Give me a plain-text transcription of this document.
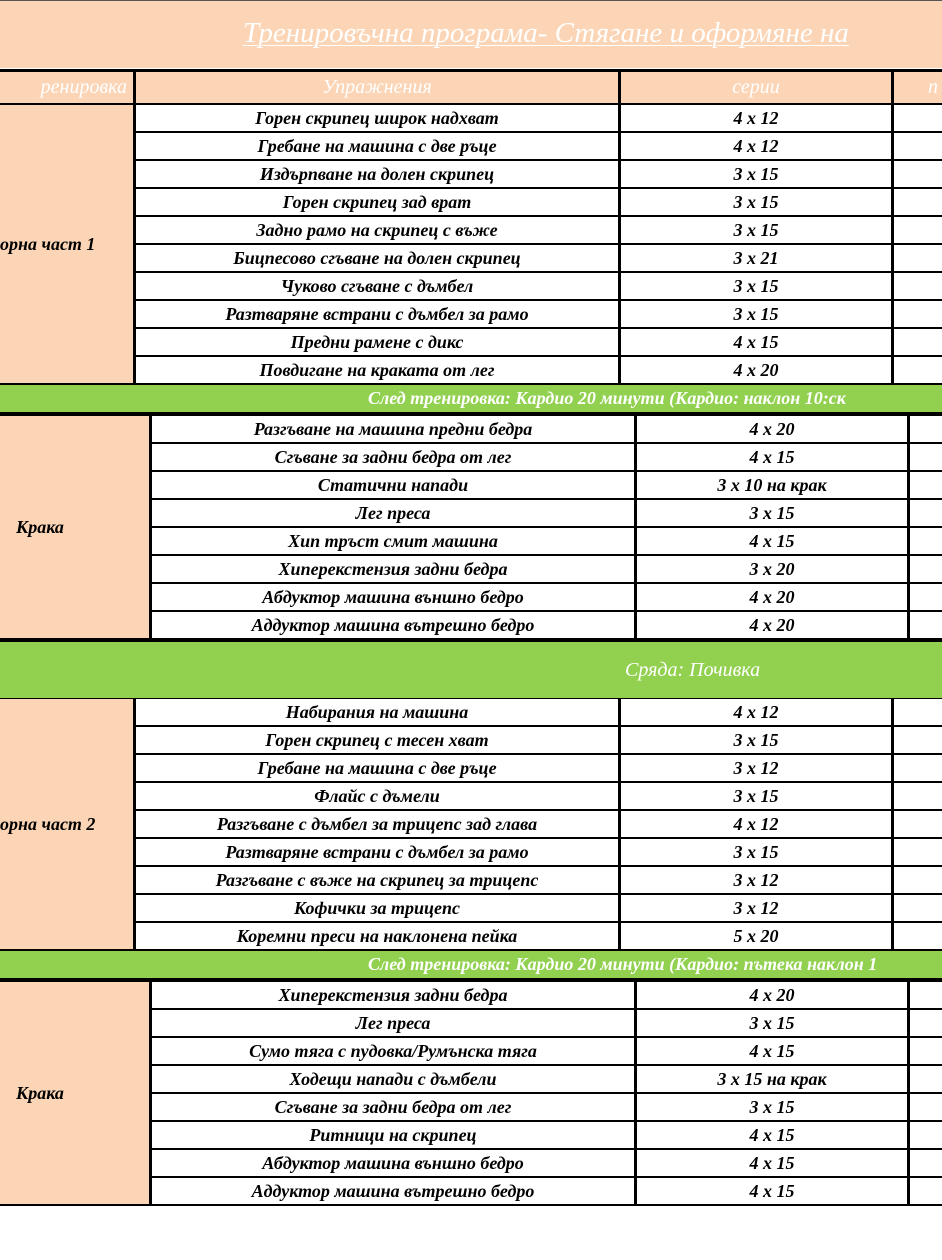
Тренировъчна програма- Стягане и оформяне на
ренировка	Упражнения	серии	п
орна част 1
Горен скрипец широк надхват	4 x 12
Гребане на машина с две ръце	4 x 12
Издърпване на долен скрипец	3 x 15
Горен скрипец зад врат	3 x 15
Задно рамо на скрипец с въже	3 x 15
Бицпесово сгъване на долен скрипец	3 x 21
Чуково сгъване с дъмбел	3 x 15
Разтваряне встрани с дъмбел за рамо	3 x 15
Предни рамене с дикс	4 x 15
Повдигане на краката от лег	4 x 20
След тренировка: Кардио 20 минути (Кардио: наклон 10:ск
Крака
Разгъване на машина предни бедра	4 x 20
Сгъване за задни бедра от лег	4 x 15
Статични напади	3 x 10 на крак
Лег преса	3 x 15
Хип тръст смит машина	4 x 15
Хиперекстензия задни бедра	3 x 20
Абдуктор машина външно бедро	4 x 20
Аддуктор машина вътрешно бедро	4 x 20
Сряда: Почивка
орна част 2
Набирания на машина	4 x 12
Горен скрипец с тесен хват	3 x 15
Гребане на машина с две ръце	3 x 12
Флайс с дъмели	3 x 15
Разгъване с дъмбел за трицепс зад глава	4 x 12
Разтваряне встрани с дъмбел за рамо	3 x 15
Разгъване с въже на скрипец за трицепс	3 x 12
Кофички за трицепс	3 x 12
Коремни преси на наклонена пейка	5 x 20
След тренировка: Кардио 20 минути (Кардио: пътека наклон 1
Крака
Хиперекстензия задни бедра	4 x 20
Лег преса	3 x 15
Сумо тяга с пудовка/Румънска тяга	4 x 15
Ходещи напади с дъмбели	3 x 15 на крак
Сгъване за задни бедра от лег	3 x 15
Ритници на скрипец	4 x 15
Абдуктор машина външно бедро	4 x 15
Аддуктор машина вътрешно бедро	4 x 15
